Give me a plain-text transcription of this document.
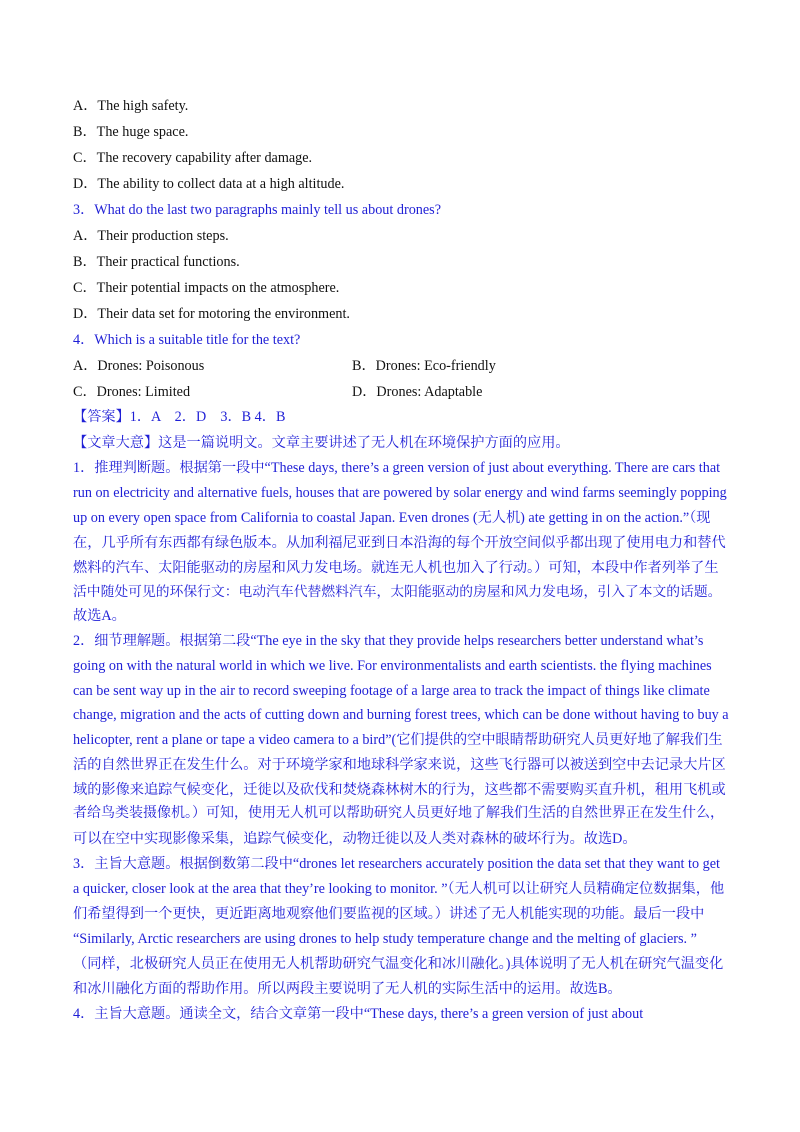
A．The high safety.
B．The huge space.
C．The recovery capability after damage.
D．The ability to collect data at a high altitude.
3．What do the last two paragraphs mainly tell us about drones?
A．Their production steps.
B．Their practical functions.
C．Their potential impacts on the atmosphere.
D．Their data set for motoring the environment.
4．Which is a suitable title for the text?
A．Drones: Poisonous	B．Drones: Eco-friendly
C．Drones: Limited	D．Drones: Adaptable
【答案】1．A　2．D　3．B 4．B
【文章大意】这是一篇说明文。文章主要讲述了无人机在环境保护方面的应用。
1．推理判断题。根据第一段中“These days, there’s a green version of just about everything. There are cars that
run on electricity and alternative fuels, houses that are powered by solar energy and wind farms seemingly popping
up on every open space from California to coastal Japan. Even drones (无人机) ate getting in on the action.”（现
在，几乎所有东西都有绿色版本。从加利福尼亚到日本沿海的每个开放空间似乎都出现了使用电力和替代
燃料的汽车、太阳能驱动的房屋和风力发电场。就连无人机也加入了行动。）可知，本段中作者列举了生
活中随处可见的环保行文：电动汽车代替燃料汽车，太阳能驱动的房屋和风力发电场，引入了本文的话题。
故选A。
2．细节理解题。根据第二段“The eye in the sky that they provide helps researchers better understand what’s
going on with the natural world in which we live. For environmentalists and earth scientists. the flying machines
can be sent way up in the air to record sweeping footage of a large area to track the impact of things like climate
change, migration and the acts of cutting down and burning forest trees, which can be done without having to buy a
helicopter, rent a plane or tape a video camera to a bird”(它们提供的空中眼睛帮助研究人员更好地了解我们生
活的自然世界正在发生什么。对于环境学家和地球科学家来说，这些飞行器可以被送到空中去记录大片区
域的影像来追踪气候变化，迁徙以及砍伐和焚烧森林树木的行为，这些都不需要购买直升机，租用飞机或
者给鸟类装摄像机。）可知，使用无人机可以帮助研究人员更好地了解我们生活的自然世界正在发生什么，
可以在空中实现影像采集，追踪气候变化，动物迁徙以及人类对森林的破坏行为。故选D。
3．主旨大意题。根据倒数第二段中“drones let researchers accurately position the data set that they want to get
a quicker, closer look at the area that they’re looking to monitor. ”（无人机可以让研究人员精确定位数据集，他
们希望得到一个更快，更近距离地观察他们要监视的区域。）讲述了无人机能实现的功能。最后一段中
“Similarly, Arctic researchers are using drones to help study temperature change and the melting of glaciers. ”
（同样，北极研究人员正在使用无人机帮助研究气温变化和冰川融化。)具体说明了无人机在研究气温变化
和冰川融化方面的帮助作用。所以两段主要说明了无人机的实际生活中的运用。故选B。
4．主旨大意题。通读全文，结合文章第一段中“These days, there’s a green version of just about
